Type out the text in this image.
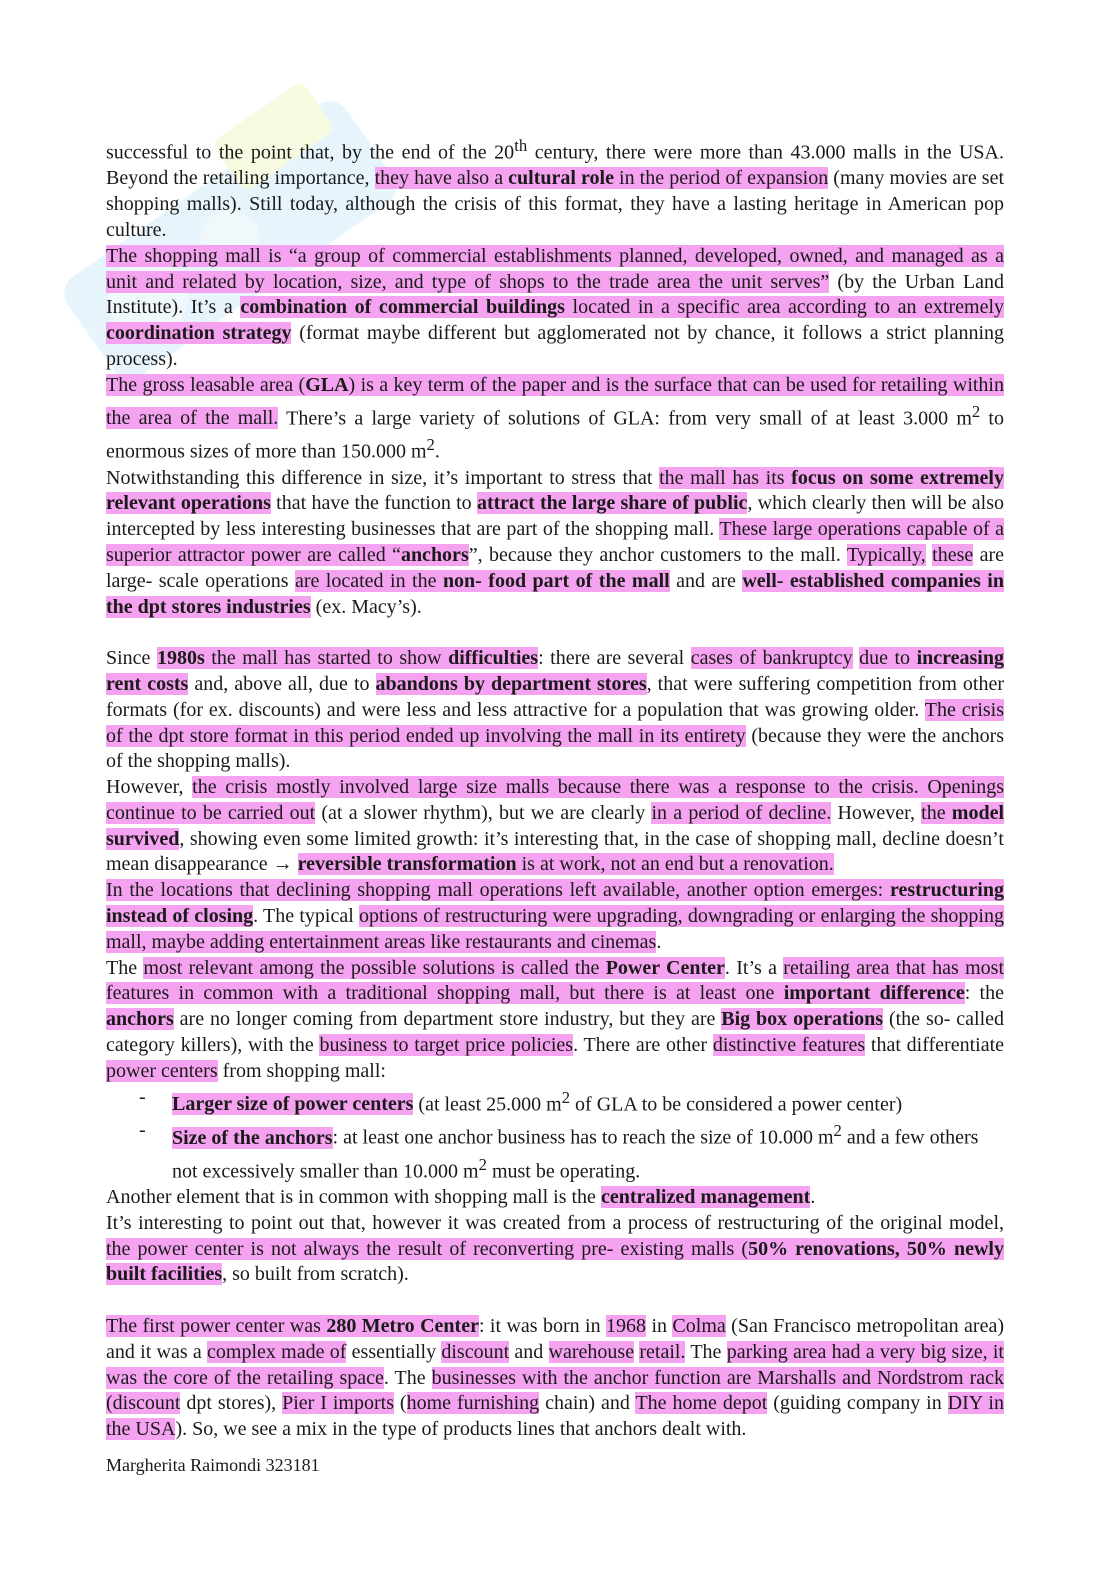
successful to the point that, by the end of the 20th century, there were more than 43.000 malls in the USA. Beyond the retailing importance, they have also a cultural role in the period of expansion (many movies are set shopping malls). Still today, although the crisis of this format, they have a lasting heritage in American pop culture.

The shopping mall is “a group of commercial establishments planned, developed, owned, and managed as a unit and related by location, size, and type of shops to the trade area the unit serves” (by the Urban Land Institute). It’s a combination of commercial buildings located in a specific area according to an extremely coordination strategy (format maybe different but agglomerated not by chance, it follows a strict planning process).

The gross leasable area (GLA) is a key term of the paper and is the surface that can be used for retailing within the area of the mall. There’s a large variety of solutions of GLA: from very small of at least 3.000 $m^2$ to enormous sizes of more than 150.000 $m^2$.

Notwithstanding this difference in size, it’s important to stress that the mall has its focus on some extremely relevant operations that have the function to attract the large share of public, which clearly then will be also intercepted by less interesting businesses that are part of the shopping mall. These large operations capable of a superior attractor power are called “anchors”, because they anchor customers to the mall. Typically, these are large- scale operations are located in the non- food part of the mall and are well- established companies in the dpt stores industries (ex. Macy’s).

Since 1980s the mall has started to show difficulties: there are several cases of bankruptcy due to increasing rent costs and, above all, due to abandons by department stores, that were suffering competition from other formats (for ex. discounts) and were less and less attractive for a population that was growing older. The crisis of the dpt store format in this period ended up involving the mall in its entirety (because they were the anchors of the shopping malls).

However, the crisis mostly involved large size malls because there was a response to the crisis. Openings continue to be carried out (at a slower rhythm), but we are clearly in a period of decline. However, the model survived, showing even some limited growth: it’s interesting that, in the case of shopping mall, decline doesn’t mean disappearance → reversible transformation is at work, not an end but a renovation.

In the locations that declining shopping mall operations left available, another option emerges: restructuring instead of closing. The typical options of restructuring were upgrading, downgrading or enlarging the shopping mall, maybe adding entertainment areas like restaurants and cinemas.

The most relevant among the possible solutions is called the Power Center. It’s a retailing area that has most features in common with a traditional shopping mall, but there is at least one important difference: the anchors are no longer coming from department store industry, but they are Big box operations (the so- called category killers), with the business to target price policies. There are other distinctive features that differentiate power centers from shopping mall:

- Larger size of power centers (at least 25.000 $m^2$ of GLA to be considered a power center)
- Size of the anchors: at least one anchor business has to reach the size of 10.000 $m^2$ and a few others not excessively smaller than 10.000 $m^2$ must be operating.

Another element that is in common with shopping mall is the centralized management.

It’s interesting to point out that, however it was created from a process of restructuring of the original model, the power center is not always the result of reconverting pre- existing malls (50% renovations, 50% newly built facilities, so built from scratch).

The first power center was 280 Metro Center: it was born in 1968 in Colma (San Francisco metropolitan area) and it was a complex made of essentially discount and warehouse retail. The parking area had a very big size, it was the core of the retailing space. The businesses with the anchor function are Marshalls and Nordstrom rack (discount dpt stores), Pier I imports (home furnishing chain) and The home depot (guiding company in DIY in the USA). So, we see a mix in the type of products lines that anchors dealt with.

Margherita Raimondi 323181
